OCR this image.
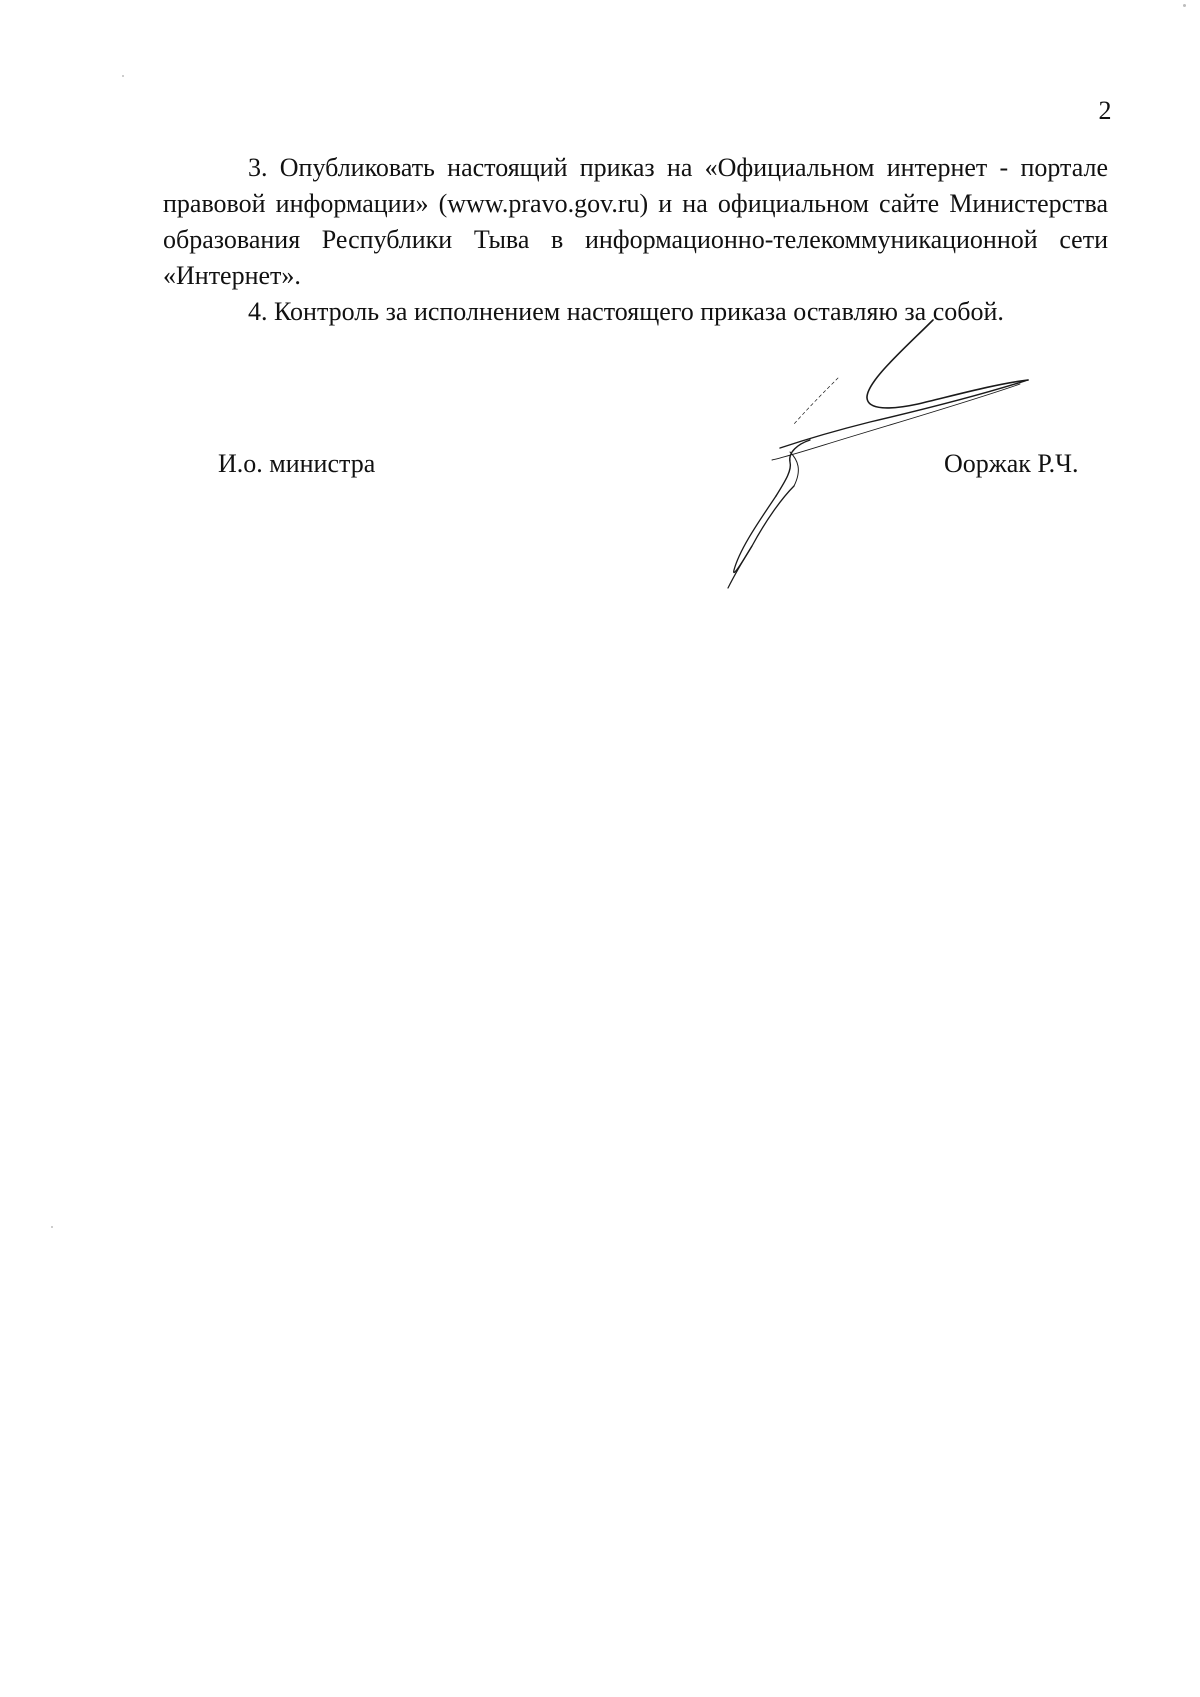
2

3. Опубликовать настоящий приказ на «Официальном интернет - портале правовой информации» (www.pravo.gov.ru) и на официальном сайте Министерства образования Республики Тыва в информационно-телекоммуникационной сети «Интернет».

4. Контроль за исполнением настоящего приказа оставляю за собой.

И.о. министра	Ооржак Р.Ч.
